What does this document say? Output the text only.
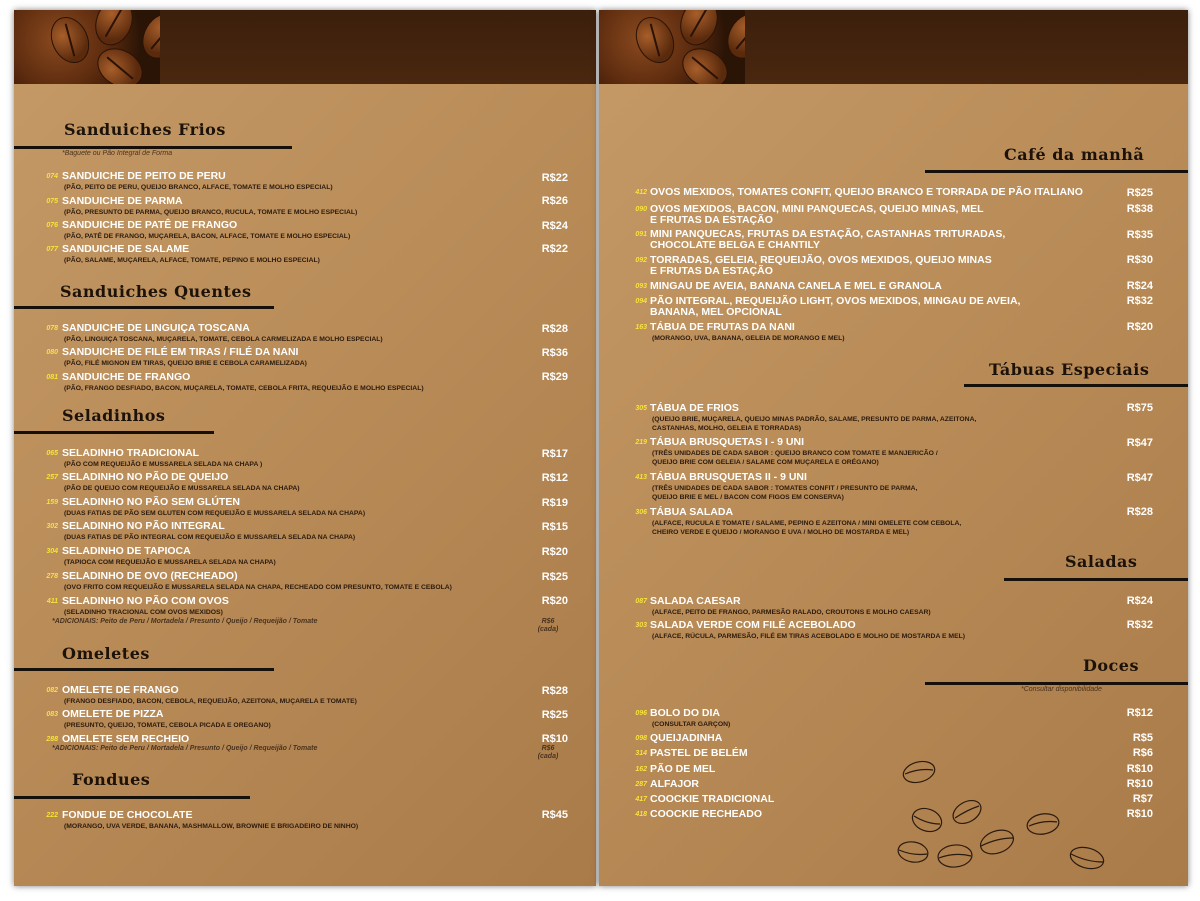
Sanduiches Frios
*Baguete ou Pão Integral de Forma
074 SANDUICHE DE PEITO DE PERU
(PÃO, PEITO DE PERU, QUEIJO BRANCO, ALFACE, TOMATE E MOLHO ESPECIAL)
R$22
075 SANDUICHE DE PARMA
(PÃO, PRESUNTO DE PARMA, QUEIJO BRANCO, RUCULA, TOMATE E MOLHO ESPECIAL)
R$26
076 SANDUICHE DE PATÊ DE FRANGO
(PÃO, PATÊ DE FRANGO, MUÇARELA, BACON, ALFACE, TOMATE E MOLHO ESPECIAL)
R$24
077 SANDUICHE DE SALAME
(PÃO, SALAME, MUÇARELA, ALFACE, TOMATE, PEPINO E MOLHO ESPECIAL)
R$22
Sanduiches Quentes
078 SANDUICHE DE LINGUIÇA TOSCANA
(PÃO, LINGUIÇA TOSCANA, MUÇARELA, TOMATE, CEBOLA CARMELIZADA E MOLHO ESPECIAL)
R$28
080 SANDUICHE DE FILÉ EM TIRAS / FILÉ DA NANI
(PÃO, FILÉ MIGNON EM TIRAS, QUEIJO BRIE E CEBOLA CARAMELIZADA)
R$36
081 SANDUICHE DE FRANGO
(PÃO, FRANGO DESFIADO, BACON, MUÇARELA, TOMATE, CEBOLA FRITA, REQUEIJÃO E MOLHO ESPECIAL)
R$29
Seladinhos
065 SELADINHO TRADICIONAL
(PÃO COM REQUEIJÃO E MUSSARELA SELADA NA CHAPA )
R$17
257 SELADINHO NO PÃO DE QUEIJO
(PÃO DE QUEIJO COM REQUEIJÃO E MUSSARELA SELADA NA CHAPA)
R$12
159 SELADINHO NO PÃO SEM GLÚTEN
(DUAS FATIAS DE PÃO SEM GLUTEN COM REQUEIJÃO E MUSSARELA SELADA NA CHAPA)
R$19
302 SELADINHO NO PÃO INTEGRAL
(DUAS FATIAS DE PÃO INTEGRAL COM REQUEIJÃO E MUSSARELA SELADA NA CHAPA)
R$15
304 SELADINHO DE TAPIOCA
(TAPIOCA COM REQUEIJÃO E MUSSARELA SELADA NA CHAPA)
R$20
278 SELADINHO DE OVO (RECHEADO)
(OVO FRITO COM REQUEIJÃO E MUSSARELA SELADA NA CHAPA, RECHEADO COM PRESUNTO, TOMATE E CEBOLA)
R$25
411 SELADINHO NO PÃO COM OVOS
(SELADINHO TRACIONAL COM OVOS MEXIDOS)
R$20
*ADICIONAIS: Peito de Peru / Mortadela / Presunto / Queijo / Requeijão / Tomate	R$6
(cada)
Omeletes
082 OMELETE DE FRANGO
(FRANGO DESFIADO, BACON, CEBOLA, REQUEIJÃO, AZEITONA, MUÇARELA E TOMATE)
R$28
083 OMELETE DE PIZZA
(PRESUNTO, QUEIJO, TOMATE, CEBOLA PICADA E OREGANO)
R$25
288 OMELETE SEM RECHEIO	R$10
*ADICIONAIS: Peito de Peru / Mortadela / Presunto / Queijo / Requeijão / Tomate	R$6
(cada)
Fondues
222 FONDUE DE CHOCOLATE
(MORANGO, UVA VERDE, BANANA, MASHMALLOW, BROWNIE E BRIGADEIRO DE NINHO)
R$45
Café da manhã
412 OVOS MEXIDOS, TOMATES CONFIT, QUEIJO BRANCO E TORRADA DE PÃO ITALIANO	R$25
090 OVOS MEXIDOS, BACON, MINI PANQUECAS, QUEIJO MINAS, MEL
E FRUTAS DA ESTAÇÃO
R$38
091 MINI PANQUECAS, FRUTAS DA ESTAÇÃO, CASTANHAS TRITURADAS,
CHOCOLATE BELGA E CHANTILY
R$35
092 TORRADAS, GELEIA, REQUEIJÃO, OVOS MEXIDOS, QUEIJO MINAS
E FRUTAS DA ESTAÇÃO
R$30
093 MINGAU DE AVEIA, BANANA CANELA E MEL E GRANOLA	R$24
094 PÃO INTEGRAL, REQUEIJÃO LIGHT, OVOS MEXIDOS, MINGAU DE AVEIA,
BANANA, MEL OPCIONAL
R$32
163 TÁBUA DE FRUTAS DA NANI
(MORANGO, UVA, BANANA, GELEIA DE MORANGO E MEL)
R$20
Tábuas Especiais
305 TÁBUA DE FRIOS
(QUEIJO BRIE, MUÇARELA, QUEIJO MINAS PADRÃO, SALAME, PRESUNTO DE PARMA, AZEITONA,
CASTANHAS, MOLHO, GELEIA E TORRADAS)
R$75
219 TÁBUA BRUSQUETAS I - 9 UNI
(TRÊS UNIDADES DE CADA SABOR : QUEIJO BRANCO COM TOMATE E MANJERICÃO /
QUEIJO BRIE COM GELEIA / SALAME COM MUÇARELA E ORÉGANO)
R$47
413 TÁBUA BRUSQUETAS II - 9 UNI
(TRÊS UNIDADES DE CADA SABOR : TOMATES CONFIT / PRESUNTO DE PARMA,
QUEIJO BRIE E MEL / BACON COM FIGOS EM CONSERVA)
R$47
306 TÁBUA SALADA
(ALFACE, RUCULA E TOMATE / SALAME, PEPINO E AZEITONA / MINI OMELETE COM CEBOLA,
CHEIRO VERDE E QUEIJO / MORANGO E UVA / MOLHO DE MOSTARDA E MEL)
R$28
Saladas
087 SALADA CAESAR
(ALFACE, PEITO DE FRANGO, PARMESÃO RALADO, CROUTONS E MOLHO CAESAR)
R$24
303 SALADA VERDE COM FILÉ ACEBOLADO
(ALFACE, RÚCULA, PARMESÃO, FILÉ EM TIRAS ACEBOLADO E MOLHO DE MOSTARDA E MEL)
R$32
Doces
*Consultar disponibilidade
096 BOLO DO DIA
(CONSULTAR GARÇON)
R$12
098 QUEIJADINHA	R$5
314 PASTEL DE BELÉM	R$6
162 PÃO DE MEL	R$10
287 ALFAJOR	R$10
417 COOCKIE TRADICIONAL	R$7
418 COOCKIE RECHEADO	R$10
